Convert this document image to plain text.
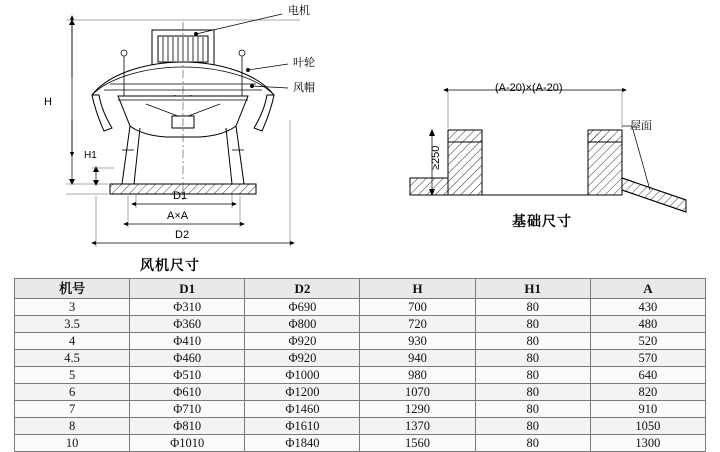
电机
叶轮
风帽
H
H1
D1
A×A
D2
风机尺寸
(A-20)×(A-20)
屋面
≥250
基础尺寸
机号	D1	D2	H	H1	A
3	Φ310	Φ690	700	80	430
3.5	Φ360	Φ800	720	80	480
4	Φ410	Φ920	930	80	520
4.5	Φ460	Φ920	940	80	570
5	Φ510	Φ1000	980	80	640
6	Φ610	Φ1200	1070	80	820
7	Φ710	Φ1460	1290	80	910
8	Φ810	Φ1610	1370	80	1050
10	Φ1010	Φ1840	1560	80	1300
